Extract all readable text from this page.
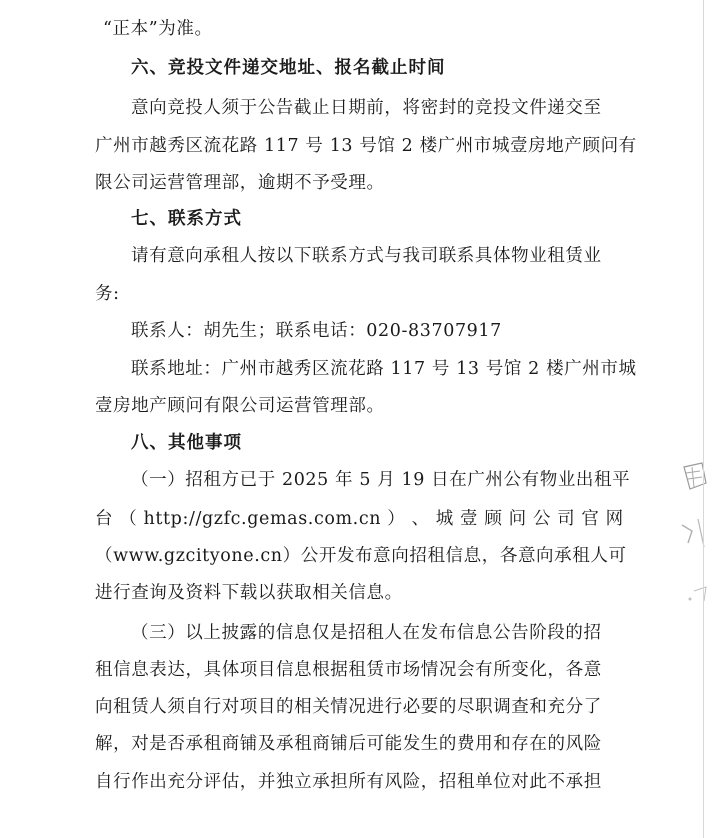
“正本”为准。
六、竞投文件递交地址、报名截止时间
意向竞投人须于公告截止日期前，将密封的竞投文件递交至
广州市越秀区流花路 117 号 13 号馆 2 楼广州市城壹房地产顾问有
限公司运营管理部，逾期不予受理。
七、联系方式
请有意向承租人按以下联系方式与我司联系具体物业租赁业
务:
联系人：胡先生；联系电话：020-83707917
联系地址：广州市越秀区流花路 117 号 13 号馆 2 楼广州市城
壹房地产顾问有限公司运营管理部。
八、其他事项
（一）招租方已于 2025 年 5 月 19 日在广州公有物业出租平
台 （ http://gzfc.gemas.com.cn ） 、 城 壹 顾 问 公 司 官 网
（www.gzcityone.cn）公开发布意向招租信息，各意向承租人可
进行查询及资料下载以获取相关信息。
（三）以上披露的信息仅是招租人在发布信息公告阶段的招
租信息表达，具体项目信息根据租赁市场情况会有所变化，各意
向租赁人须自行对项目的相关情况进行必要的尽职调查和充分了
解，对是否承租商铺及承租商铺后可能发生的费用和存在的风险
自行作出充分评估，并独立承担所有风险，招租单位对此不承担
